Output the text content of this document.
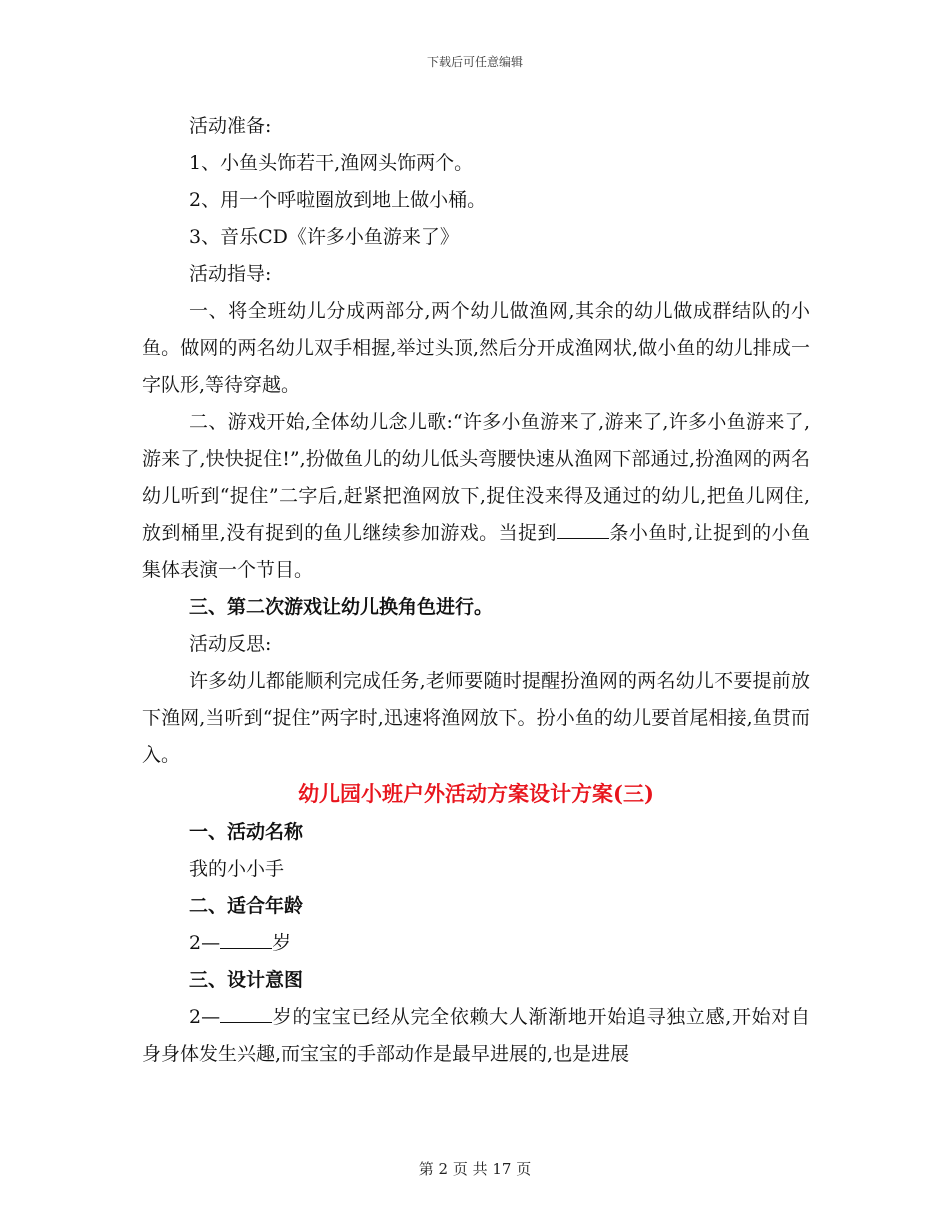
下载后可任意编辑
活动准备:
1、小鱼头饰若干,渔网头饰两个。
2、用一个呼啦圈放到地上做小桶。
3、音乐CD《许多小鱼游来了》
活动指导:
一、将全班幼儿分成两部分,两个幼儿做渔网,其余的幼儿做成群结队的小鱼。做网的两名幼儿双手相握,举过头顶,然后分开成渔网状,做小鱼的幼儿排成一字队形,等待穿越。
二、游戏开始,全体幼儿念儿歌:“许多小鱼游来了,游来了,许多小鱼游来了,游来了,快快捉住!”,扮做鱼儿的幼儿低头弯腰快速从渔网下部通过,扮渔网的两名幼儿听到“捉住”二字后,赶紧把渔网放下,捉住没来得及通过的幼儿,把鱼儿网住,放到桶里,没有捉到的鱼儿继续参加游戏。当捉到	条小鱼时,让捉到的小鱼集体表演一个节目。
三、第二次游戏让幼儿换角色进行。
活动反思:
许多幼儿都能顺利完成任务,老师要随时提醒扮渔网的两名幼儿不要提前放下渔网,当听到“捉住”两字时,迅速将渔网放下。扮小鱼的幼儿要首尾相接,鱼贯而入。
幼儿园小班户外活动方案设计方案(三)
一、活动名称
我的小小手
二、适合年龄
2—	岁
三、设计意图
2—	岁的宝宝已经从完全依赖大人渐渐地开始追寻独立感,开始对自身身体发生兴趣,而宝宝的手部动作是最早进展的,也是进展
第 2 页 共 17 页
